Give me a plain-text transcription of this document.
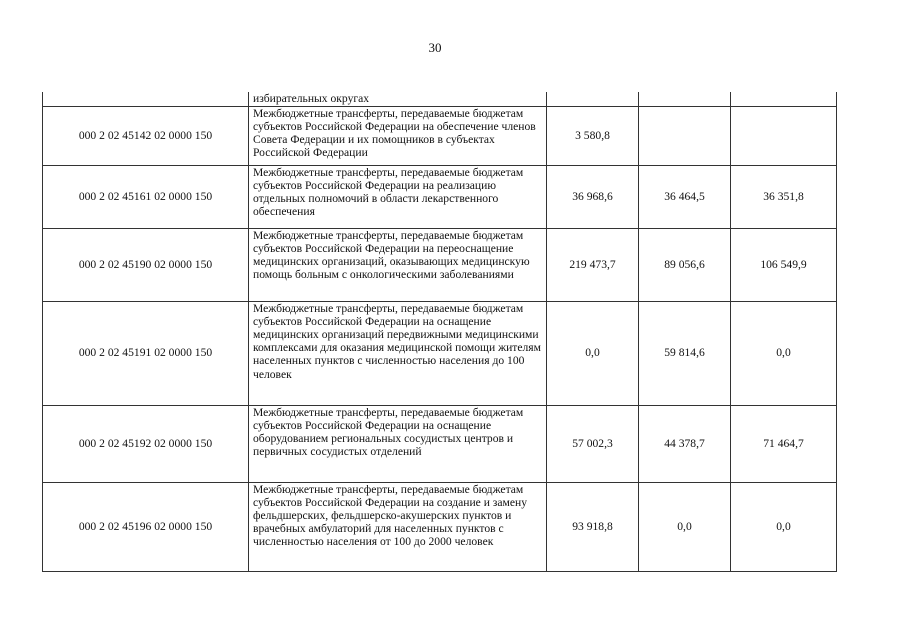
30
	избирательных округах			
000 2 02 45142 02 0000 150	Межбюджетные трансферты, передаваемые бюджетам субъектов Российской Федерации на обеспечение членов Совета Федерации и их помощников в субъектах Российской Федерации	3 580,8		
000 2 02 45161 02 0000 150	Межбюджетные трансферты, передаваемые бюджетам субъектов Российской Федерации на реализацию отдельных полномочий в области лекарственного обеспечения	36 968,6	36 464,5	36 351,8
000 2 02 45190 02 0000 150	Межбюджетные трансферты, передаваемые бюджетам субъектов Российской Федерации на переоснащение медицинских организаций, оказывающих медицинскую помощь больным с онкологическими заболеваниями	219 473,7	89 056,6	106 549,9
000 2 02 45191 02 0000 150	Межбюджетные трансферты, передаваемые бюджетам субъектов Российской Федерации на оснащение медицинских организаций передвижными медицинскими комплексами для оказания медицинской помощи жителям населенных пунктов с численностью населения до 100 человек	0,0	59 814,6	0,0
000 2 02 45192 02 0000 150	Межбюджетные трансферты, передаваемые бюджетам субъектов Российской Федерации на оснащение оборудованием региональных сосудистых центров и первичных сосудистых отделений	57 002,3	44 378,7	71 464,7
000 2 02 45196 02 0000 150	Межбюджетные трансферты, передаваемые бюджетам субъектов Российской Федерации на создание и замену фельдшерских, фельдшерско-акушерских пунктов и врачебных амбулаторий для населенных пунктов с численностью населения от 100 до 2000 человек	93 918,8	0,0	0,0
